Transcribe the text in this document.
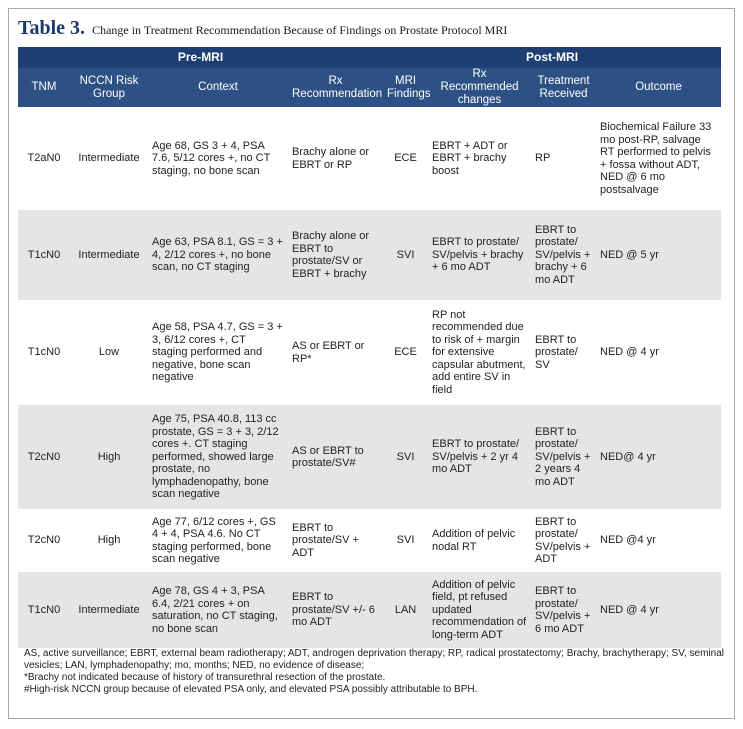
Table 3. Change in Treatment Recommendation Because of Findings on Prostate Protocol MRI
Pre-MRI				Post-MRI			
TNM	NCCN Risk Group	Context	Rx Recommendation	MRI Findings	Rx Recommended changes	Treatment Received	Outcome
T2aN0	Intermediate	Age 68, GS 3 + 4, PSA 7.6, 5/12 cores +, no CT staging, no bone scan	Brachy alone or EBRT or RP	ECE	EBRT + ADT or EBRT + brachy boost	RP	Biochemical Failure 33 mo post-RP, salvage RT performed to pelvis + fossa without ADT, NED @ 6 mo postsalvage
T1cN0	Intermediate	Age 63, PSA 8.1, GS = 3 + 4, 2/12 cores +, no bone scan, no CT staging	Brachy alone or EBRT to prostate/SV or EBRT + brachy	SVI	EBRT to prostate/ SV/pelvis + brachy + 6 mo ADT	EBRT to prostate/ SV/pelvis + brachy + 6 mo ADT	NED @ 5 yr
T1cN0	Low	Age 58, PSA 4.7, GS = 3 + 3, 6/12 cores +, CT staging performed and negative, bone scan negative	AS or EBRT or RP*	ECE	RP not recommended due to risk of + margin for extensive capsular abutment, add entire SV in field	EBRT to prostate/ SV	NED @ 4 yr
T2cN0	High	Age 75, PSA 40.8, 113 cc prostate, GS = 3 + 3, 2/12 cores +. CT staging performed, showed large prostate, no lymphadenopathy, bone scan negative	AS or EBRT to prostate/SV#	SVI	EBRT to prostate/ SV/pelvis + 2 yr 4 mo ADT	EBRT to prostate/ SV/pelvis + 2 years 4 mo ADT	NED@ 4 yr
T2cN0	High	Age 77, 6/12 cores +, GS 4 + 4, PSA 4.6. No CT staging performed, bone scan negative	EBRT to prostate/SV + ADT	SVI	Addition of pelvic nodal RT	EBRT to prostate/ SV/pelvis + ADT	NED @4 yr
T1cN0	Intermediate	Age 78, GS 4 + 3, PSA 6.4, 2/21 cores + on saturation, no CT staging, no bone scan	EBRT to prostate/SV +/- 6 mo ADT	LAN	Addition of pelvic field, pt refused updated recommendation of long-term ADT	EBRT to prostate/ SV/pelvis + 6 mo ADT	NED @ 4 yr
AS, active surveillance; EBRT, external beam radiotherapy; ADT, androgen deprivation therapy; RP, radical prostatectomy; Brachy, brachytherapy; SV, seminal vesicles; LAN, lymphadenopathy; mo, months; NED, no evidence of disease;
*Brachy not indicated because of history of transurethral resection of the prostate.
#High-risk NCCN group because of elevated PSA only, and elevated PSA possibly attributable to BPH.
